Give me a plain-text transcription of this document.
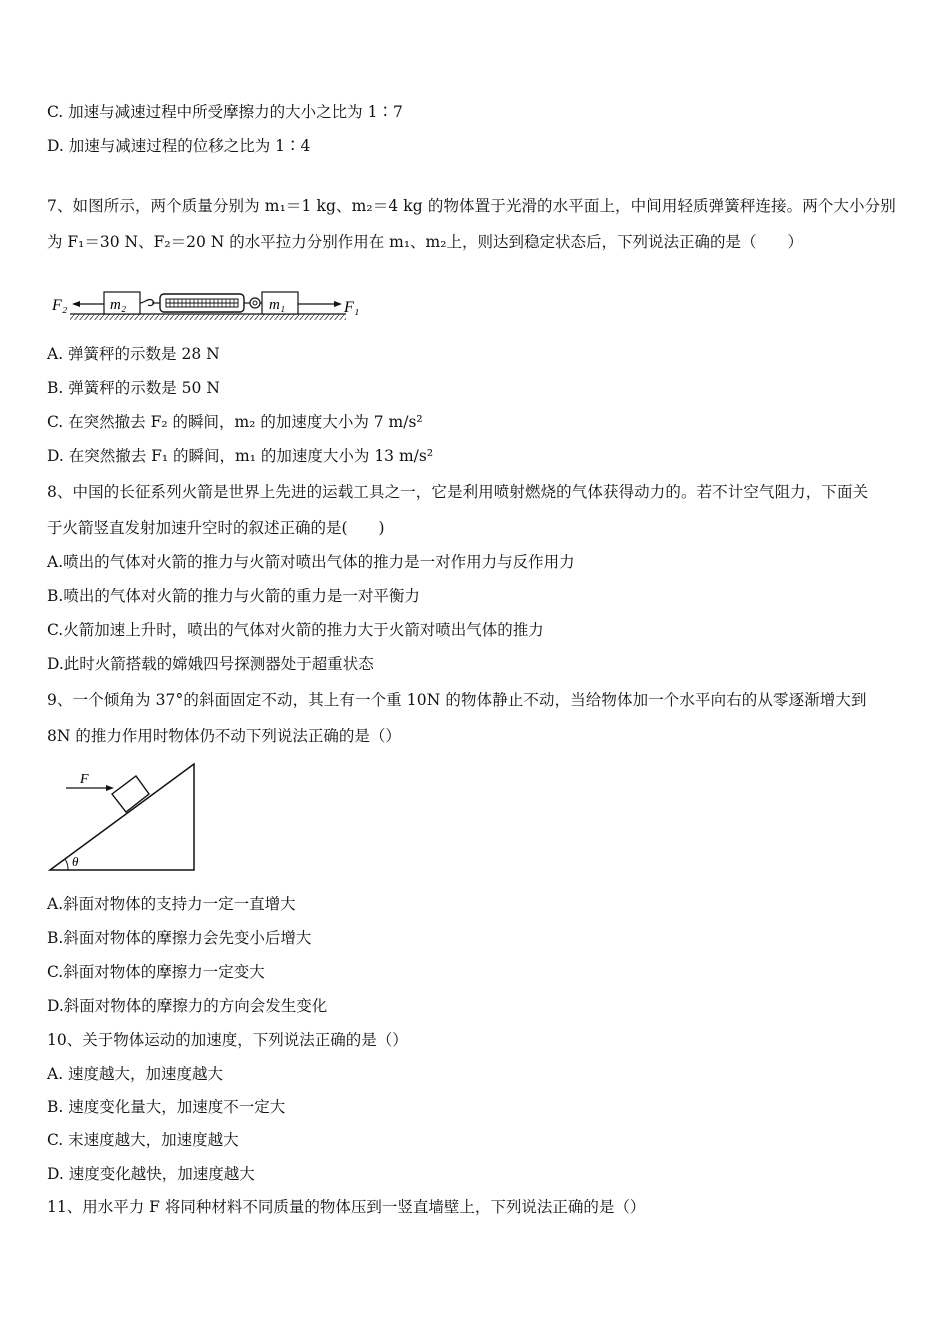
C. 加速与减速过程中所受摩擦力的大小之比为 1∶7
D. 加速与减速过程的位移之比为 1∶4
7、如图所示，两个质量分别为 m₁＝1 kg、m₂＝4 kg 的物体置于光滑的水平面上，中间用轻质弹簧秤连接。两个大小分别
为 F₁＝30 N、F₂＝20 N 的水平拉力分别作用在 m₁、m₂上，则达到稳定状态后，下列说法正确的是（　　）
F₂	m₂	m₁	F₁
A. 弹簧秤的示数是 28 N
B. 弹簧秤的示数是 50 N
C. 在突然撤去 F₂ 的瞬间，m₂ 的加速度大小为 7 m/s²
D. 在突然撤去 F₁ 的瞬间，m₁ 的加速度大小为 13 m/s²
8、中国的长征系列火箭是世界上先进的运载工具之一，它是利用喷射燃烧的气体获得动力的。若不计空气阻力，下面关
于火箭竖直发射加速升空时的叙述正确的是(　　)
A.喷出的气体对火箭的推力与火箭对喷出气体的推力是一对作用力与反作用力
B.喷出的气体对火箭的推力与火箭的重力是一对平衡力
C.火箭加速上升时，喷出的气体对火箭的推力大于火箭对喷出气体的推力
D.此时火箭搭载的嫦娥四号探测器处于超重状态
9、一个倾角为 37°的斜面固定不动，其上有一个重 10N 的物体静止不动，当给物体加一个水平向右的从零逐渐增大到
8N 的推力作用时物体仍不动下列说法正确的是（）
F
θ
A.斜面对物体的支持力一定一直增大
B.斜面对物体的摩擦力会先变小后增大
C.斜面对物体的摩擦力一定变大
D.斜面对物体的摩擦力的方向会发生变化
10、关于物体运动的加速度，下列说法正确的是（）
A. 速度越大，加速度越大
B. 速度变化量大，加速度不一定大
C. 末速度越大，加速度越大
D. 速度变化越快，加速度越大
11、用水平力 F 将同种材料不同质量的物体压到一竖直墙壁上，下列说法正确的是（）
